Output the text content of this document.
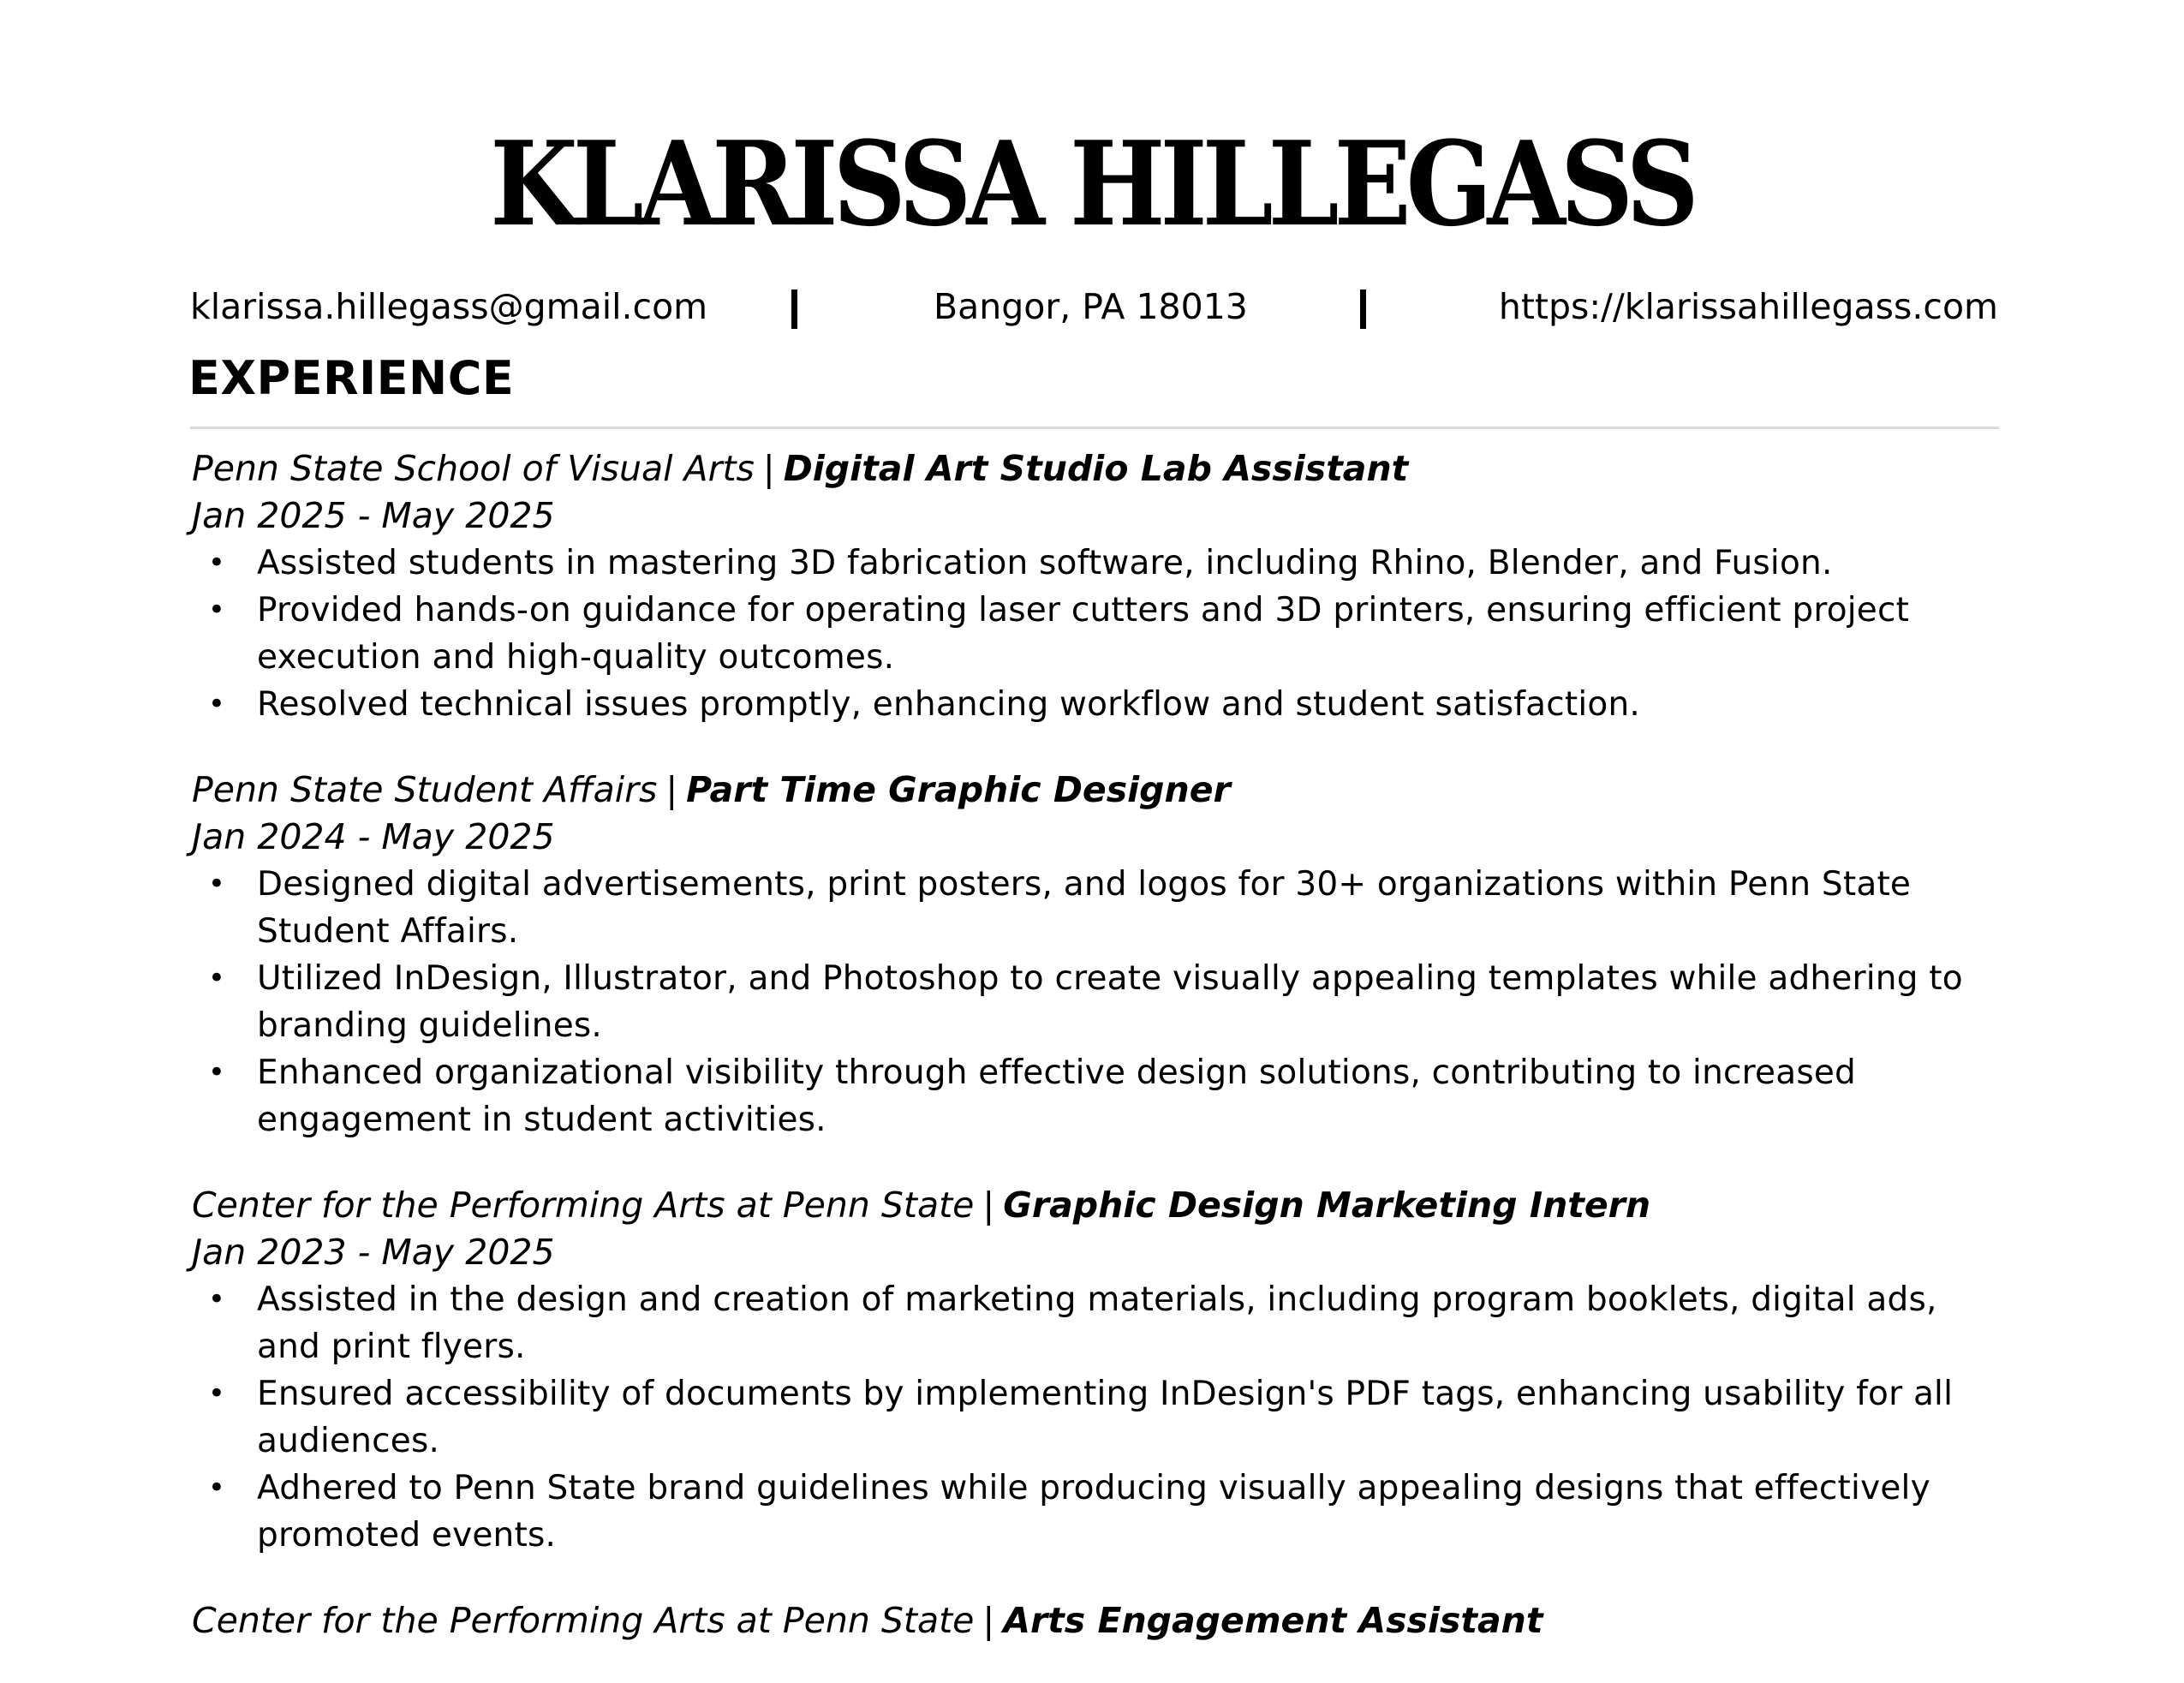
KLARISSA HILLEGASS
klarissa.hillegass@gmail.com	Bangor, PA 18013	https://klarissahillegass.com
EXPERIENCE
Penn State School of Visual Arts | Digital Art Studio Lab Assistant
Jan 2025 - May 2025
• Assisted students in mastering 3D fabrication software, including Rhino, Blender, and Fusion.
• Provided hands-on guidance for operating laser cutters and 3D printers, ensuring efficient project execution and high-quality outcomes.
• Resolved technical issues promptly, enhancing workflow and student satisfaction.
Penn State Student Affairs | Part Time Graphic Designer
Jan 2024 - May 2025
• Designed digital advertisements, print posters, and logos for 30+ organizations within Penn State Student Affairs.
• Utilized InDesign, Illustrator, and Photoshop to create visually appealing templates while adhering to branding guidelines.
• Enhanced organizational visibility through effective design solutions, contributing to increased engagement in student activities.
Center for the Performing Arts at Penn State | Graphic Design Marketing Intern
Jan 2023 - May 2025
• Assisted in the design and creation of marketing materials, including program booklets, digital ads, and print flyers.
• Ensured accessibility of documents by implementing InDesign's PDF tags, enhancing usability for all audiences.
• Adhered to Penn State brand guidelines while producing visually appealing designs that effectively promoted events.
Center for the Performing Arts at Penn State | Arts Engagement Assistant
